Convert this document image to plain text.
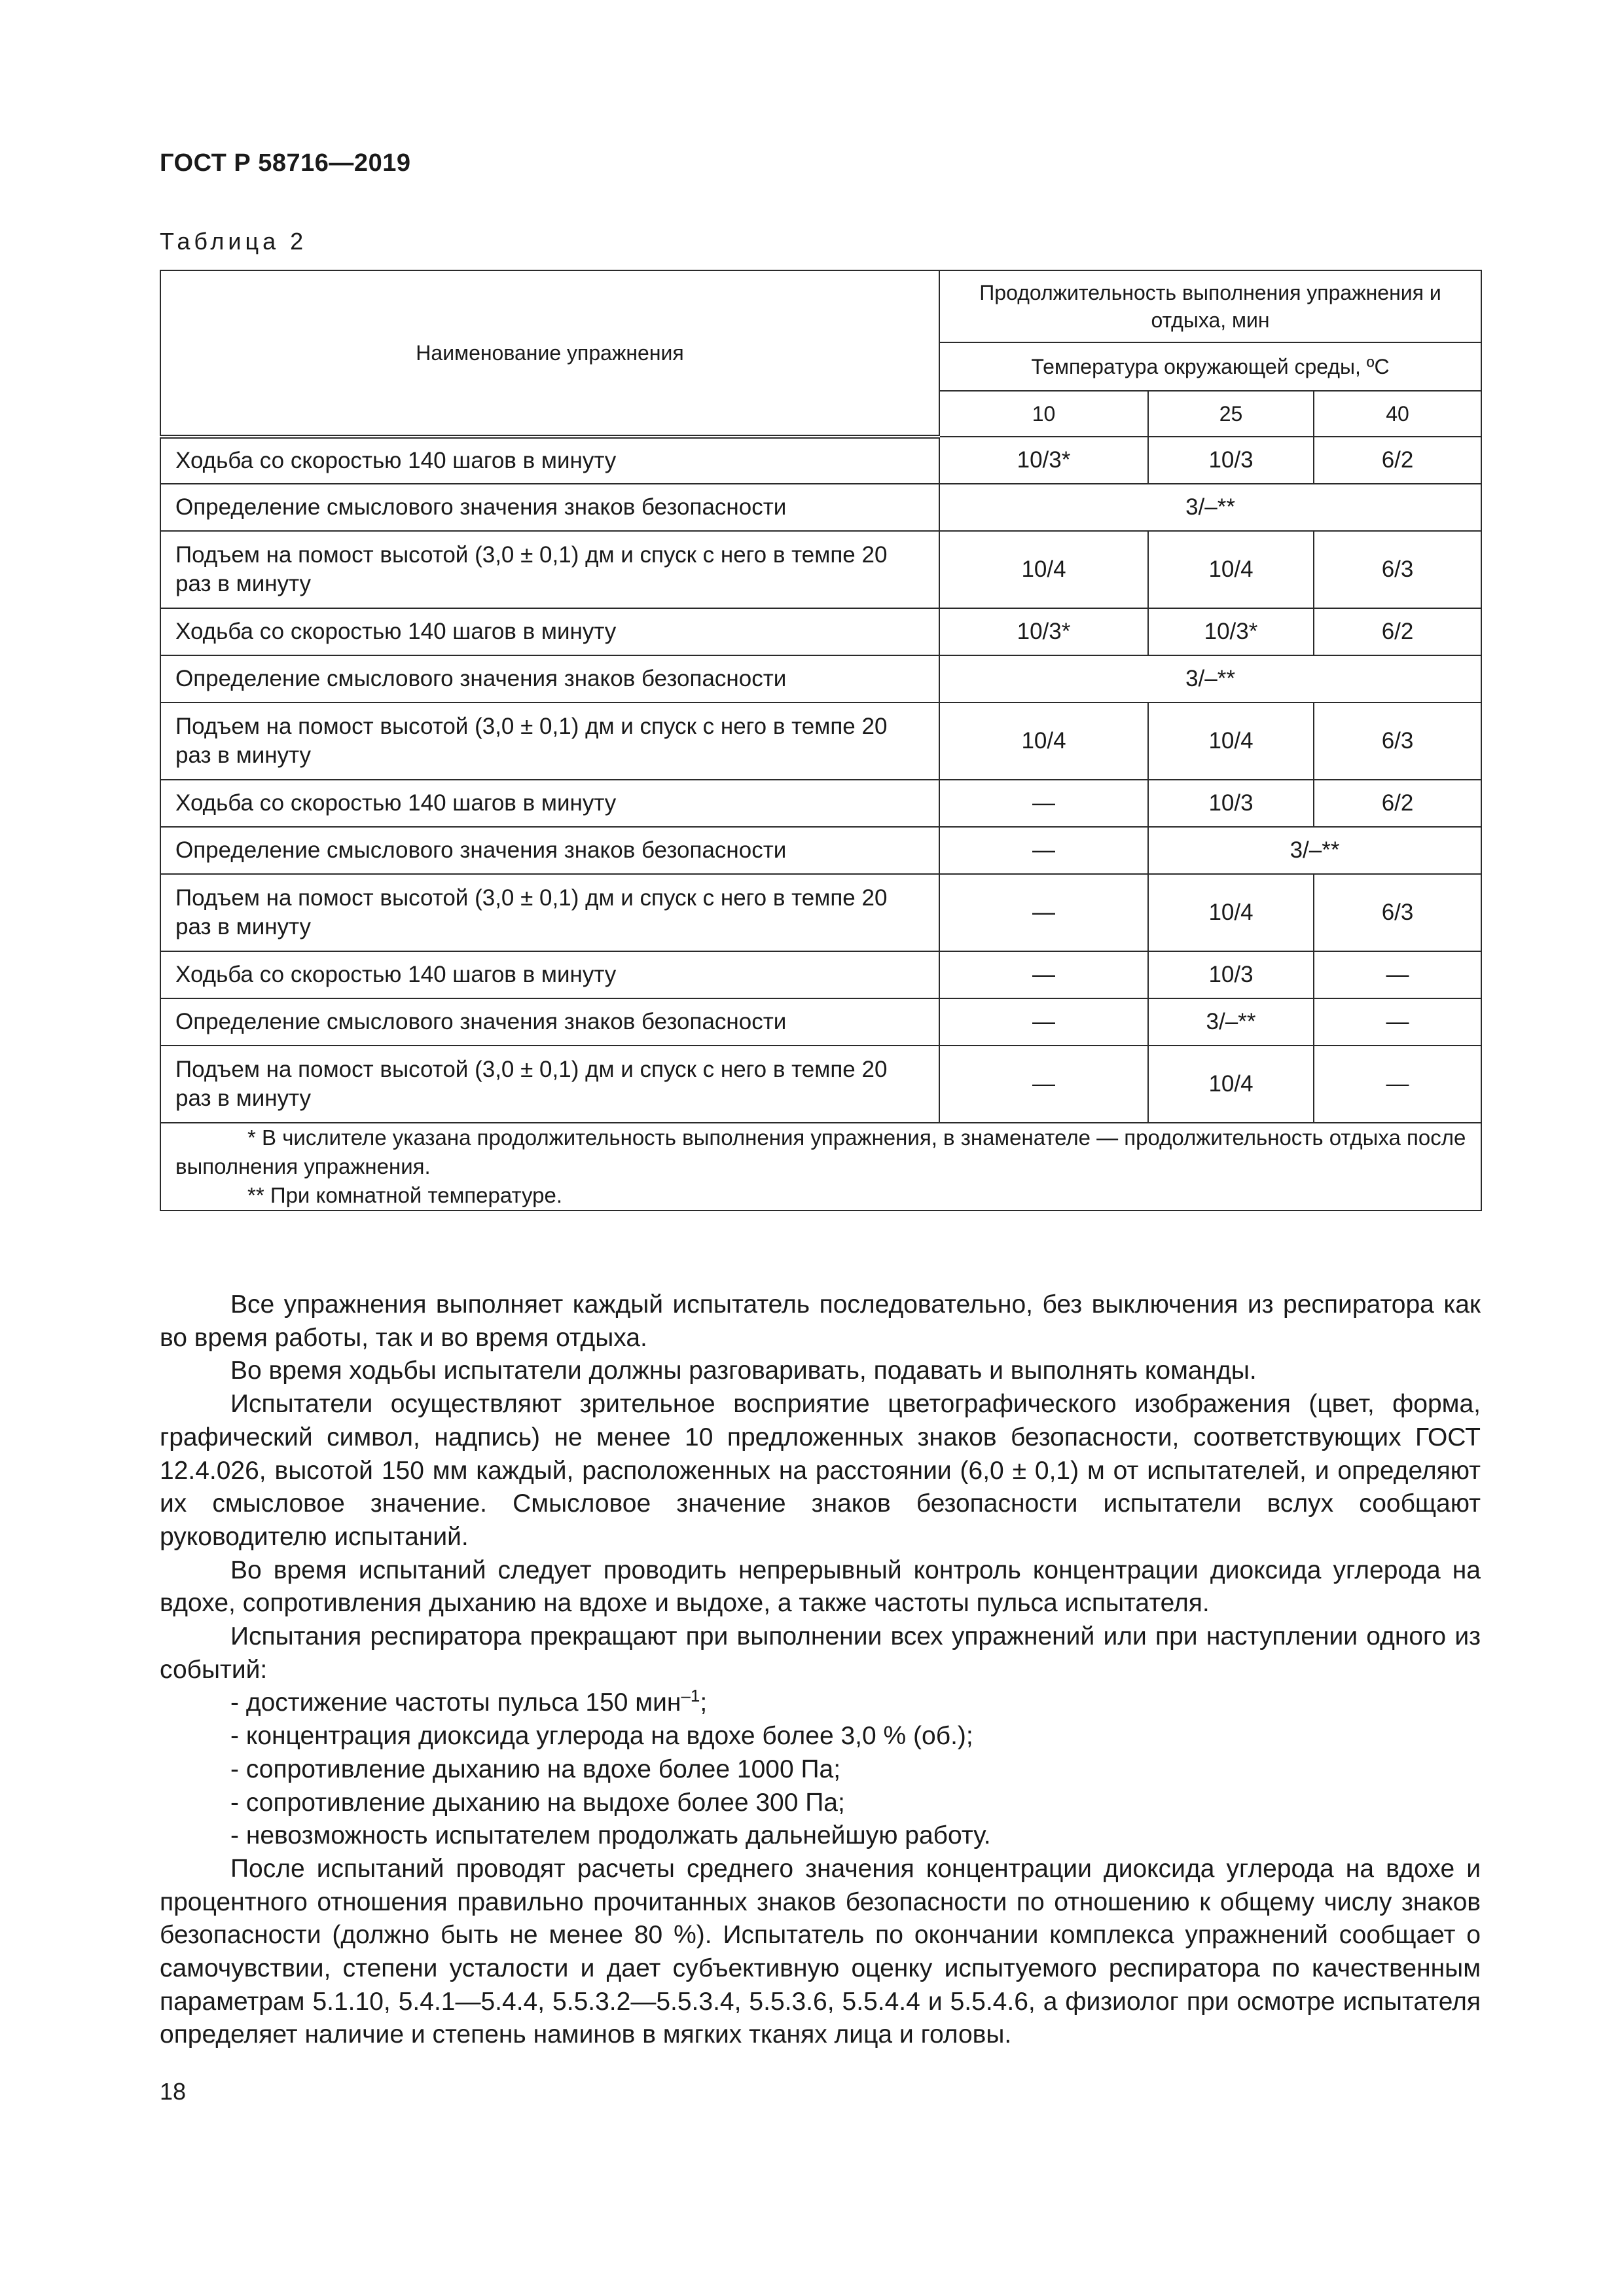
ГОСТ Р 58716—2019
Таблица 2
Наименование упражнения	Продолжительность выполнения упражнения и отдыха, мин		
	Температура окружающей среды, ºС		
	10	25	40
Ходьба со скоростью 140 шагов в минуту	10/3*	10/3	6/2
Определение смыслового значения знаков безопасности	3/–**		
Подъем на помост высотой (3,0 ± 0,1) дм и спуск с него в темпе 20 раз в минуту	10/4	10/4	6/3
Ходьба со скоростью 140 шагов в минуту	10/3*	10/3*	6/2
Определение смыслового значения знаков безопасности	3/–**		
Подъем на помост высотой (3,0 ± 0,1) дм и спуск с него в темпе 20 раз в минуту	10/4	10/4	6/3
Ходьба со скоростью 140 шагов в минуту	—	10/3	6/2
Определение смыслового значения знаков безопасности	—	3/–**	
Подъем на помост высотой (3,0 ± 0,1) дм и спуск с него в темпе 20 раз в минуту	—	10/4	6/3
Ходьба со скоростью 140 шагов в минуту	—	10/3	—
Определение смыслового значения знаков безопасности	—	3/–**	—
Подъем на помост высотой (3,0 ± 0,1) дм и спуск с него в темпе 20 раз в минуту	—	10/4	—

* В числителе указана продолжительность выполнения упражнения, в знаменателе — продолжительность отдыха после выполнения упражнения.
** При комнатной температуре.			

Все упражнения выполняет каждый испытатель последовательно, без выключения из респиратора как во время работы, так и во время отдыха.

Во время ходьбы испытатели должны разговаривать, подавать и выполнять команды.

Испытатели осуществляют зрительное восприятие цветографического изображения (цвет, форма, графический символ, надпись) не менее 10 предложенных знаков безопасности, соответствующих ГОСТ 12.4.026, высотой 150 мм каждый, расположенных на расстоянии (6,0 ± 0,1) м от испытателей, и определяют их смысловое значение. Смысловое значение знаков безопасности испытатели вслух сообщают руководителю испытаний.

Во время испытаний следует проводить непрерывный контроль концентрации диоксида углерода на вдохе, сопротивления дыханию на вдохе и выдохе, а также частоты пульса испытателя.

Испытания респиратора прекращают при выполнении всех упражнений или при наступлении одного из событий:

- достижение частоты пульса 150 мин$^{-1}$;

- концентрация диоксида углерода на вдохе более 3,0 % (об.);

- сопротивление дыханию на вдохе более 1000 Па;

- сопротивление дыханию на выдохе более 300 Па;

- невозможность испытателем продолжать дальнейшую работу.

После испытаний проводят расчеты среднего значения концентрации диоксида углерода на вдохе и процентного отношения правильно прочитанных знаков безопасности по отношению к общему числу знаков безопасности (должно быть не менее 80 %). Испытатель по окончании комплекса упражнений сообщает о самочувствии, степени усталости и дает субъективную оценку испытуемого респиратора по качественным параметрам 5.1.10, 5.4.1—5.4.4, 5.5.3.2—5.5.3.4, 5.5.3.6, 5.5.4.4 и 5.5.4.6, а физиолог при осмотре испытателя определяет наличие и степень наминов в мягких тканях лица и головы.

18
